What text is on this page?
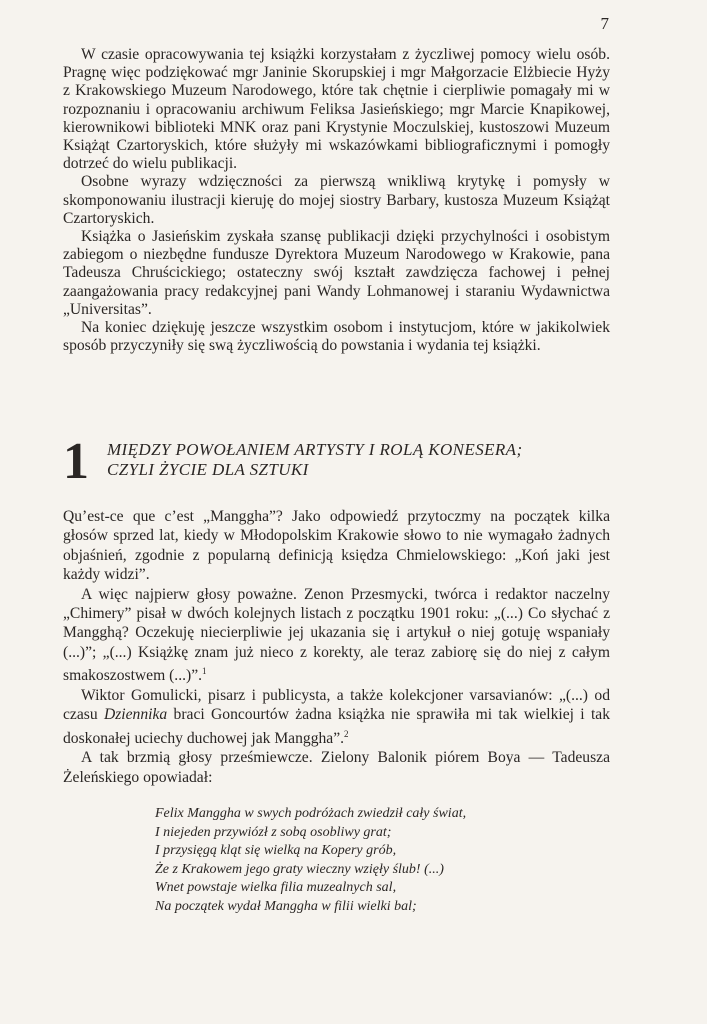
7

W czasie opracowywania tej książki korzystałam z życzliwej pomocy wielu osób. Pragnę więc podziękować mgr Janinie Skorupskiej i mgr Małgorzacie Elżbiecie Hyży z Krakowskiego Muzeum Narodowego, które tak chętnie i cierpliwie pomagały mi w rozpoznaniu i opracowaniu archiwum Feliksa Jasieńskiego; mgr Marcie Knapikowej, kierownikowi biblioteki MNK oraz pani Krystynie Moczulskiej, kustoszowi Muzeum Książąt Czartoryskich, które służyły mi wskazówkami bibliograficznymi i pomogły dotrzeć do wielu publikacji.

Osobne wyrazy wdzięczności za pierwszą wnikliwą krytykę i pomysły w skomponowaniu ilustracji kieruję do mojej siostry Barbary, kustosza Muzeum Książąt Czartoryskich.

Książka o Jasieńskim zyskała szansę publikacji dzięki przychylności i osobistym zabiegom o niezbędne fundusze Dyrektora Muzeum Narodowego w Krakowie, pana Tadeusza Chruścickiego; ostateczny swój kształt zawdzięcza fachowej i pełnej zaangażowania pracy redakcyjnej pani Wandy Lohmanowej i staraniu Wydawnictwa „Universitas”.

Na koniec dziękuję jeszcze wszystkim osobom i instytucjom, które w jakikolwiek sposób przyczyniły się swą życzliwością do powstania i wydania tej książki.

1	MIĘDZY POWOŁANIEM ARTYSTY I ROLĄ KONESERA;
CZYLI ŻYCIE DLA SZTUKI

Qu’est-ce que c’est „Manggha”? Jako odpowiedź przytoczmy na początek kilka głosów sprzed lat, kiedy w Młodopolskim Krakowie słowo to nie wymagało żadnych objaśnień, zgodnie z popularną definicją księdza Chmielowskiego: „Koń jaki jest każdy widzi”.

A więc najpierw głosy poważne. Zenon Przesmycki, twórca i redaktor naczelny „Chimery” pisał w dwóch kolejnych listach z początku 1901 roku: „(...) Co słychać z Mangghą? Oczekuję niecierpliwie jej ukazania się i artykuł o niej gotuję wspaniały (...)”; „(...) Książkę znam już nieco z korekty, ale teraz zabiorę się do niej z całym smakoszostwem (...)”.$^1$

Wiktor Gomulicki, pisarz i publicysta, a także kolekcjoner varsavianów: „(...) od czasu Dziennika braci Goncourtów żadna książka nie sprawiła mi tak wielkiej i tak doskonałej uciechy duchowej jak Manggha”.$^2$

A tak brzmią głosy prześmiewcze. Zielony Balonik piórem Boya — Tadeusza Żeleńskiego opowiadał:

Felix Manggha w swych podróżach zwiedził cały świat,
I niejeden przywiózł z sobą osobliwy grat;
I przysięgą kląt się wielką na Kopery grób,
Że z Krakowem jego graty wieczny wzięły ślub! (...)
Wnet powstaje wielka filia muzealnych sal,
Na początek wydał Manggha w filii wielki bal;
